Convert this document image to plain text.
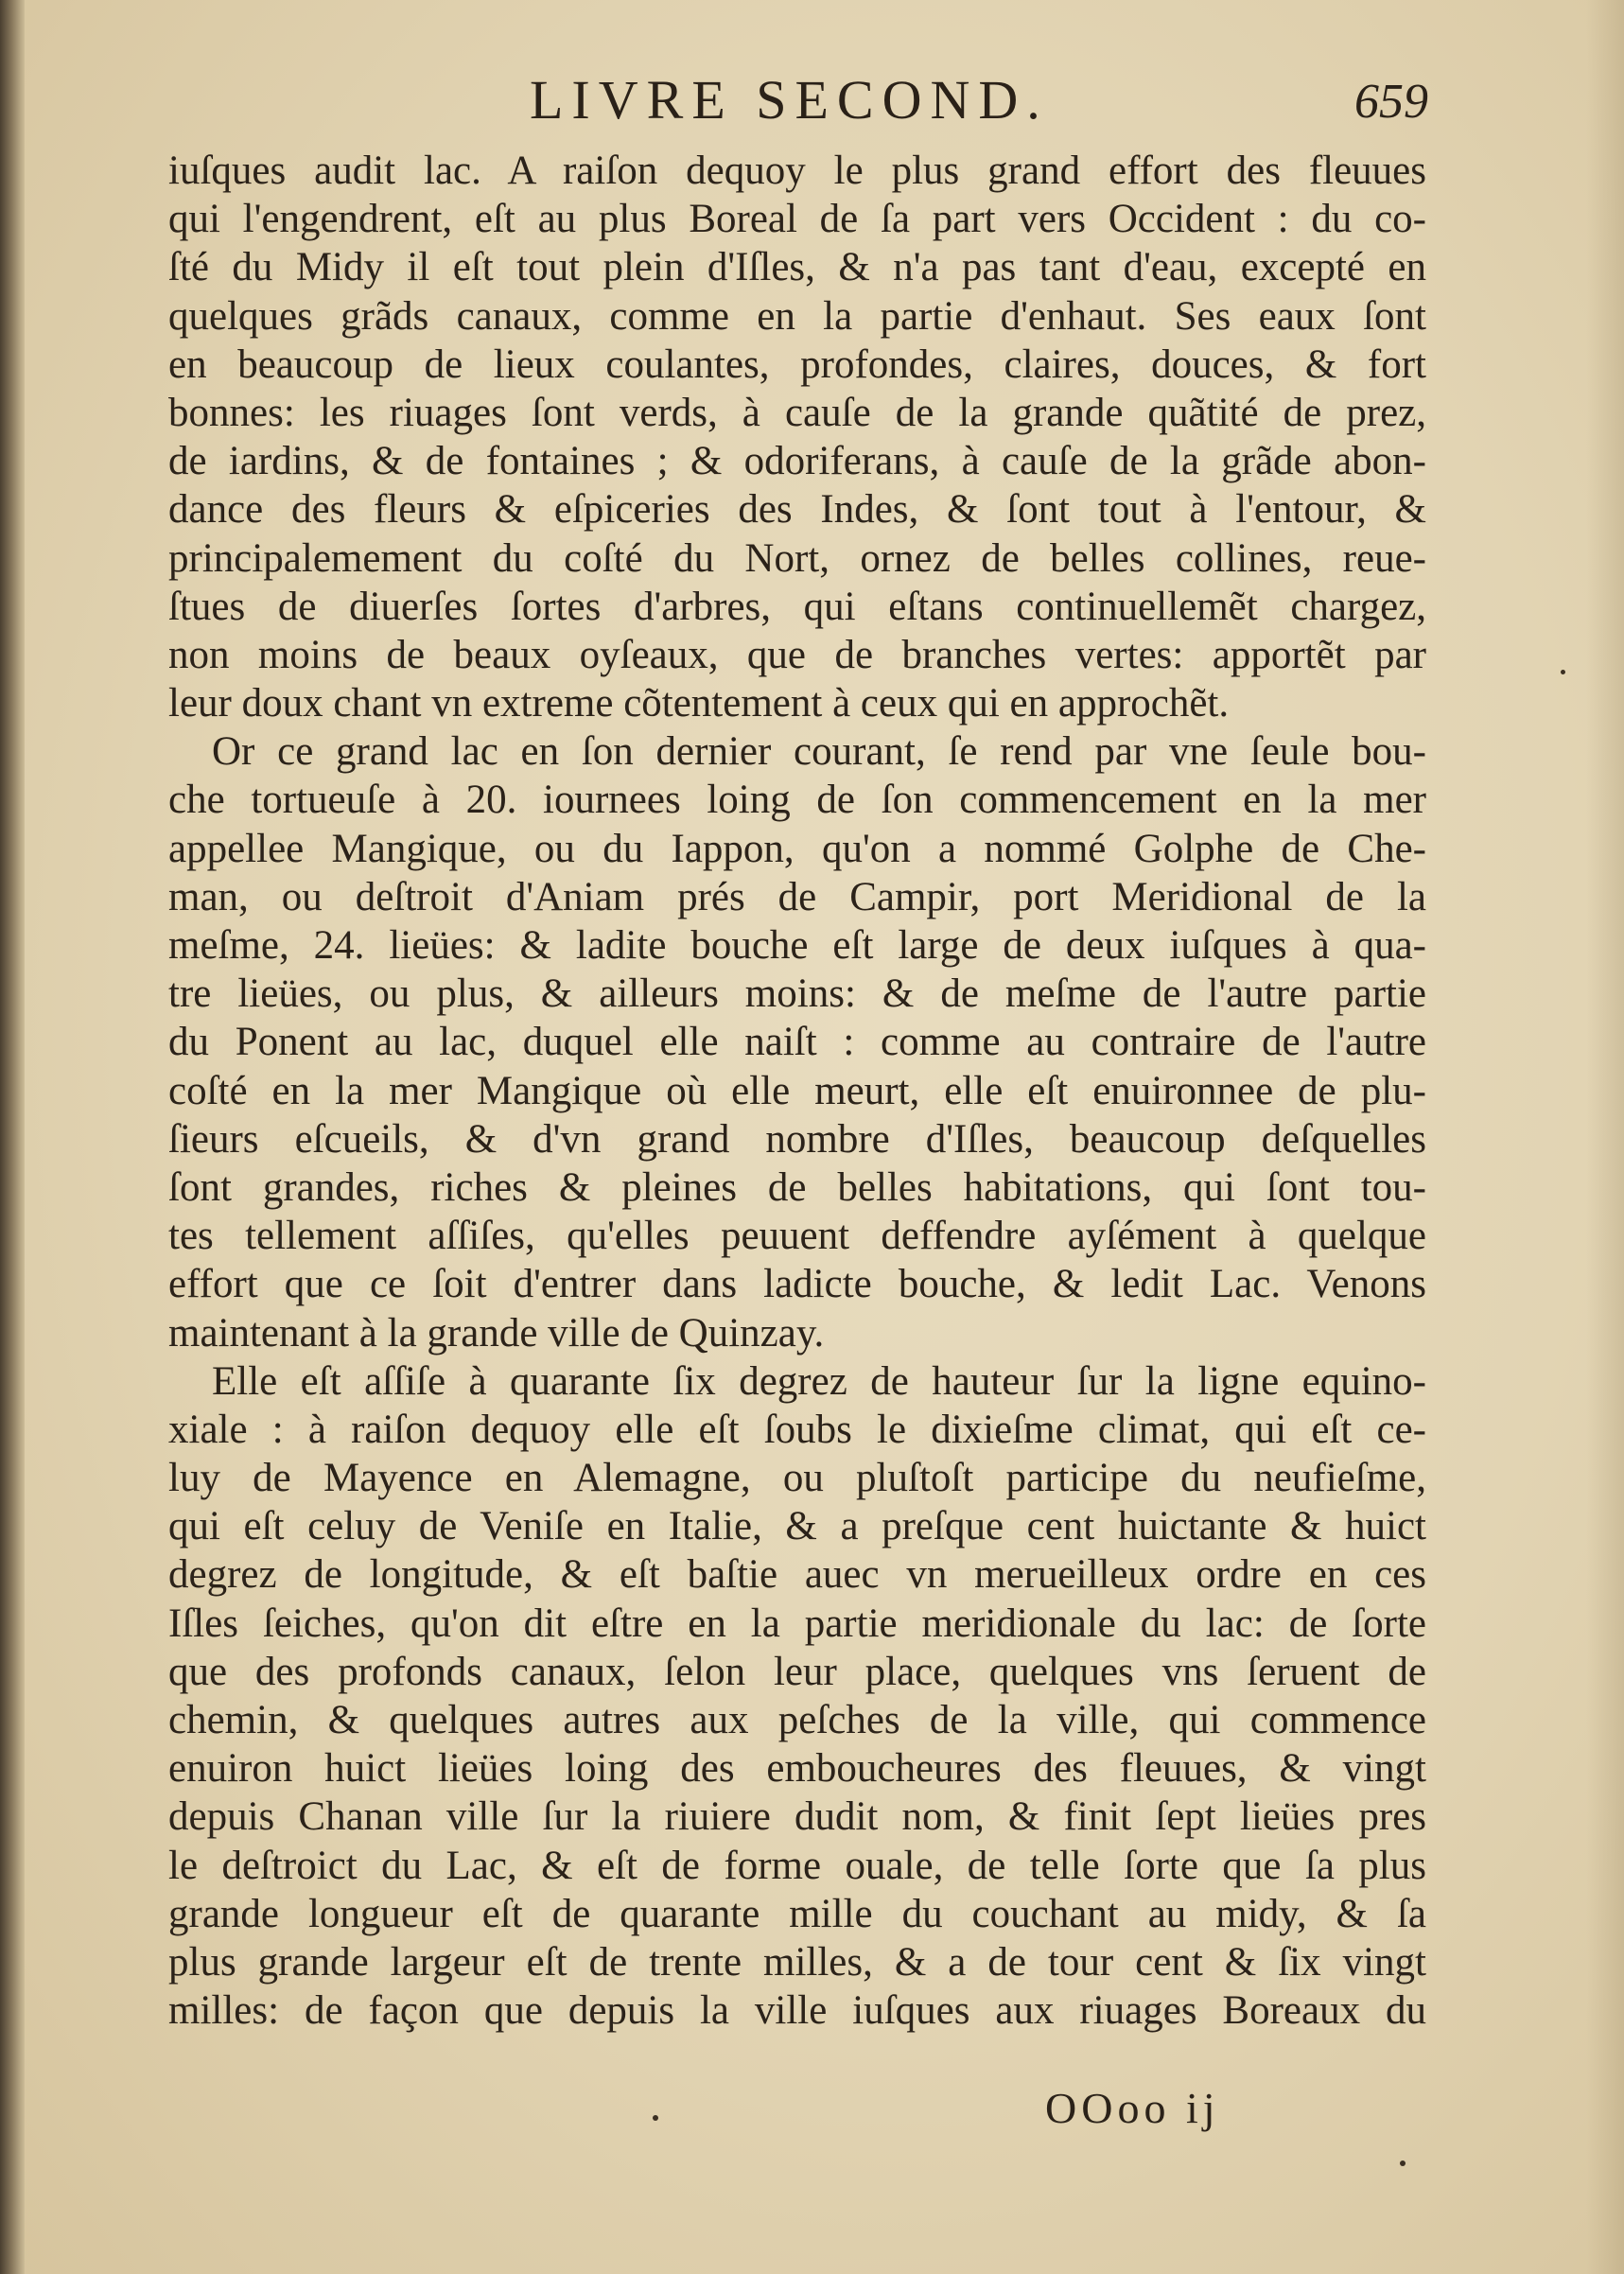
LIVRE SECOND.	659
iuſques audit lac. A raiſon dequoy le plus grand effort des fleuues
qui l'engendrent, eſt au plus Boreal de ſa part vers Occident : du co-
ſté du Midy il eſt tout plein d'Iſles, & n'a pas tant d'eau, excepté en
quelques grãds canaux, comme en la partie d'enhaut. Ses eaux ſont
en beaucoup de lieux coulantes, profondes, claires, douces, & fort
bonnes: les riuages ſont verds, à cauſe de la grande quãtité de prez,
de iardins, & de fontaines ; & odoriferans, à cauſe de la grãde abon-
dance des fleurs & eſpiceries des Indes, & ſont tout à l'entour, &
principalemement du coſté du Nort, ornez de belles collines, reue-
ſtues de diuerſes ſortes d'arbres, qui eſtans continuellemẽt chargez,
non moins de beaux oyſeaux, que de branches vertes: apportẽt par
leur doux chant vn extreme cõtentement à ceux qui en approchẽt.
Or ce grand lac en ſon dernier courant, ſe rend par vne ſeule bou-
che tortueuſe à 20. iournees loing de ſon commencement en la mer
appellee Mangique, ou du Iappon, qu'on a nommé Golphe de Che-
man, ou deſtroit d'Aniam prés de Campir, port Meridional de la
meſme, 24. lieües: & ladite bouche eſt large de deux iuſques à qua-
tre lieües, ou plus, & ailleurs moins: & de meſme de l'autre partie
du Ponent au lac, duquel elle naiſt : comme au contraire de l'autre
coſté en la mer Mangique où elle meurt, elle eſt enuironnee de plu-
ſieurs eſcueils, & d'vn grand nombre d'Iſles, beaucoup deſquelles
ſont grandes, riches & pleines de belles habitations, qui ſont tou-
tes tellement aſſiſes, qu'elles peuuent deffendre ayſément à quelque
effort que ce ſoit d'entrer dans ladicte bouche, & ledit Lac. Venons
maintenant à la grande ville de Quinzay.
Elle eſt aſſiſe à quarante ſix degrez de hauteur ſur la ligne equino-
xiale : à raiſon dequoy elle eſt ſoubs le dixieſme climat, qui eſt ce-
luy de Mayence en Alemagne, ou pluſtoſt participe du neufieſme,
qui eſt celuy de Veniſe en Italie, & a preſque cent huictante & huict
degrez de longitude, & eſt baſtie auec vn merueilleux ordre en ces
Iſles ſeiches, qu'on dit eſtre en la partie meridionale du lac: de ſorte
que des profonds canaux, ſelon leur place, quelques vns ſeruent de
chemin, & quelques autres aux peſches de la ville, qui commence
enuiron huict lieües loing des embouchеures des fleuues, & vingt
depuis Chanan ville ſur la riuiere dudit nom, & finit ſept lieües pres
le deſtroict du Lac, & eſt de forme ouale, de telle ſorte que ſa plus
grande longueur eſt de quarante mille du couchant au midy, & ſa
plus grande largeur eſt de trente milles, & a de tour cent & ſix vingt
milles: de façon que depuis la ville iuſques aux riuages Boreaux du
OOoo ij
